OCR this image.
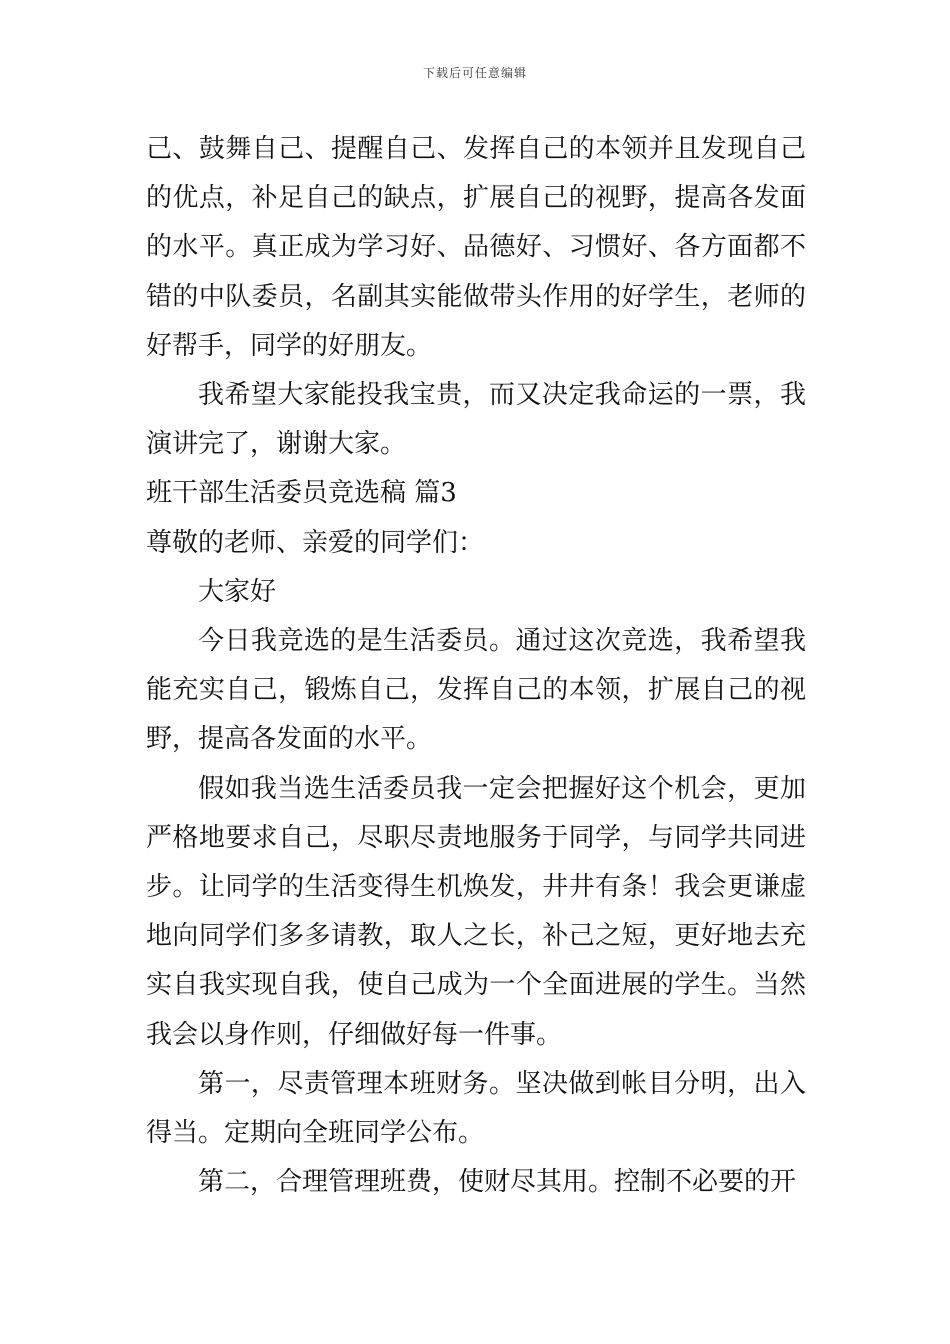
下载后可任意编辑

己、鼓舞自己、提醒自己、发挥自己的本领并且发现自己的优点，补足自己的缺点，扩展自己的视野，提高各发面的水平。真正成为学习好、品德好、习惯好、各方面都不错的中队委员，名副其实能做带头作用的好学生，老师的好帮手，同学的好朋友。

我希望大家能投我宝贵，而又决定我命运的一票，我演讲完了，谢谢大家。

班干部生活委员竞选稿 篇3

尊敬的老师、亲爱的同学们：

大家好

今日我竞选的是生活委员。通过这次竞选，我希望我能充实自己，锻炼自己，发挥自己的本领，扩展自己的视野，提高各发面的水平。

假如我当选生活委员我一定会把握好这个机会，更加严格地要求自己，尽职尽责地服务于同学，与同学共同进步。让同学的生活变得生机焕发，井井有条！我会更谦虚地向同学们多多请教，取人之长，补己之短，更好地去充实自我实现自我，使自己成为一个全面进展的学生。当然我会以身作则，仔细做好每一件事。

第一，尽责管理本班财务。坚决做到帐目分明，出入得当。定期向全班同学公布。

第二，合理管理班费，使财尽其用。控制不必要的开
